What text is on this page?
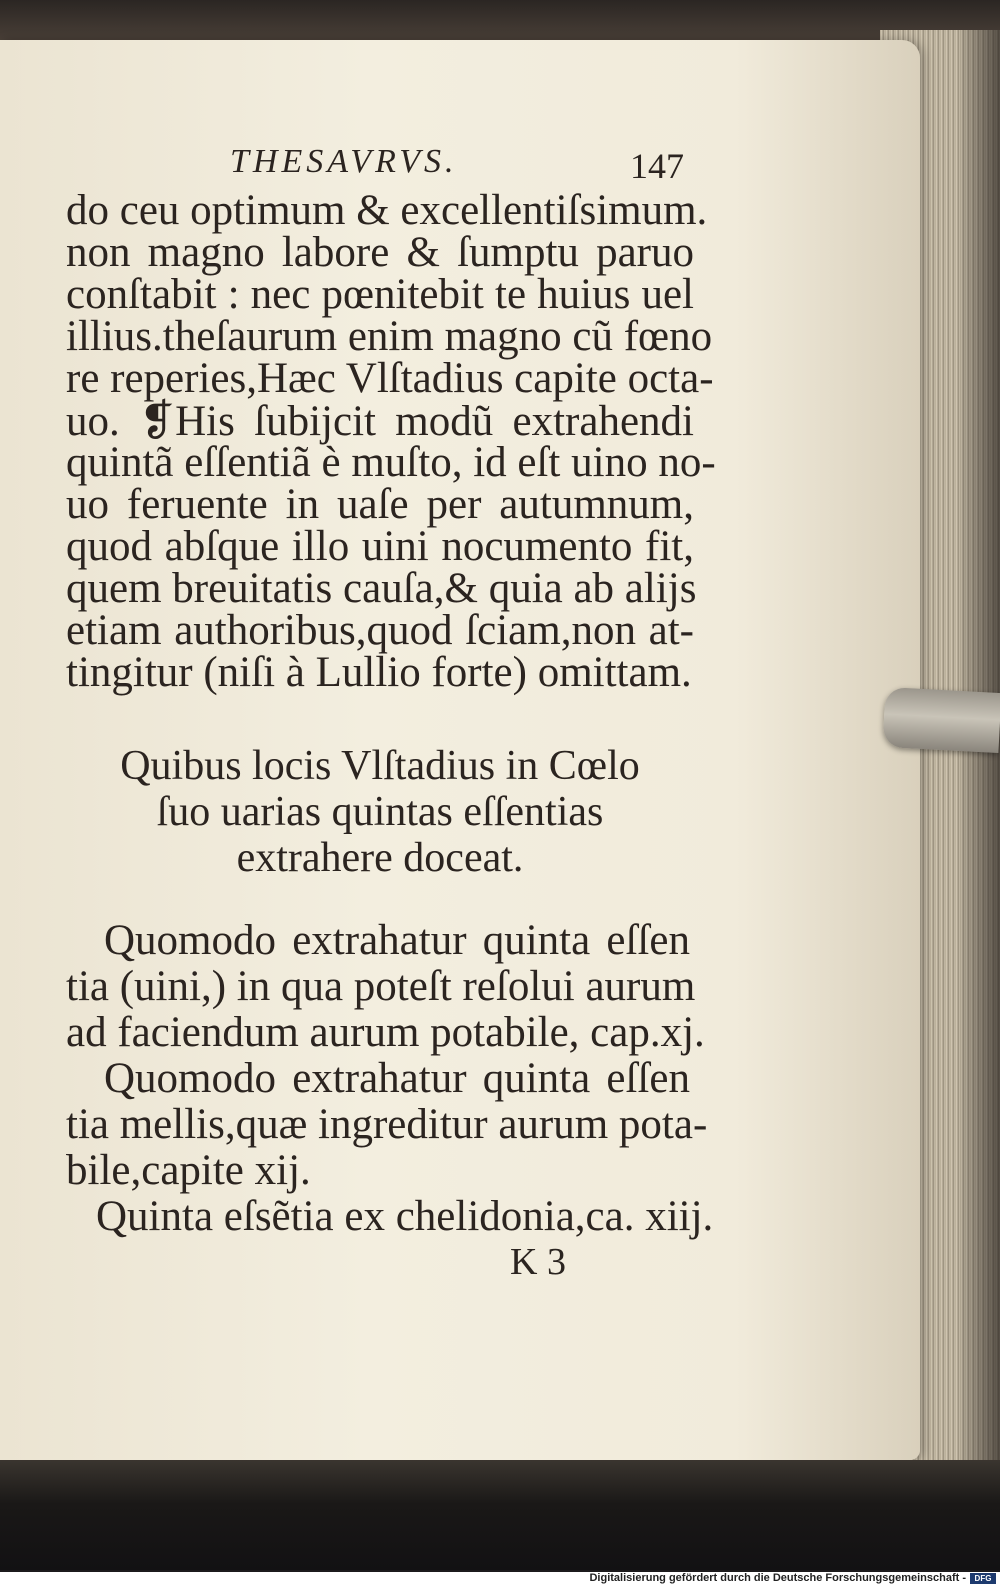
THESAVRVS.	147
do ceu optimum & excellentiſsimum.
non magno labore & ſumptu paruo
conſtabit : nec pœnitebit te huius uel
illius.theſaurum enim magno cũ fœno
re reperies,Hæc Vlſtadius capite octa-
uo. ❡His ſubijcit modũ extrahendi
quintã eſſentiã è muſto, id eſt uino no-
uo feruente in uaſe per autumnum,
quod abſque illo uini nocumento fit,
quem breuitatis cauſa,& quia ab alijs
etiam authoribus,quod ſciam,non at-
tingitur (niſi à Lullio forte) omittam.
Quibus locis Vlſtadius in Cœlo
ſuo uarias quintas eſſentias
extrahere doceat.
Quomodo extrahatur quinta eſſen
tia (uini,) in qua poteſt reſolui aurum
ad faciendum aurum potabile, cap.xj.
Quomodo extrahatur quinta eſſen
tia mellis,quæ ingreditur aurum pota-
bile,capite xij.
Quinta eſsẽtia ex chelidonia,ca. xiij.
K 3
Digitalisierung gefördert durch die Deutsche Forschungsgemeinschaft -	DFG
